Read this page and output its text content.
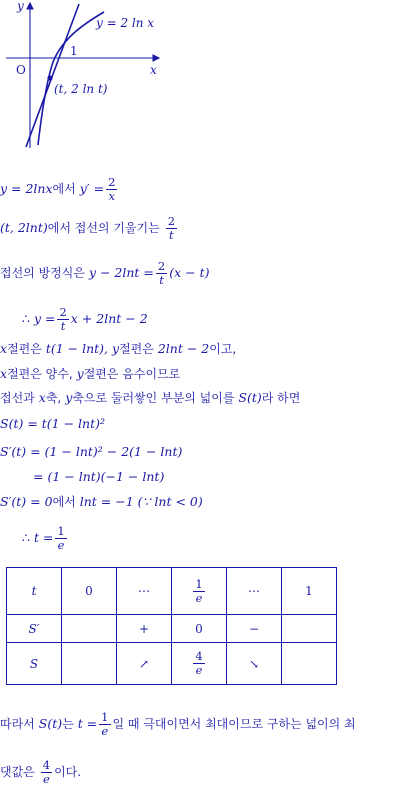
y
x
O
1
y = 2 ln x
(t, 2 ln t)
y = 2lnx에서 $y' = \frac{2}{x}$
(t, 2lnt)에서 접선의 기울기는 $\frac{2}{t}$
접선의 방정식은 $y - 2\ln t = \frac{2}{t} (x - t)$
∴ $y = \frac{2}{t}$ x + 2lnt − 2
x절편은 t(1 − lnt), y절편은 2lnt − 2이고,
x절편은 양수, y절편은 음수이므로
접선과 x축, y축으로 둘러쌓인 부분의 넓이를 S(t)라 하면
S(t) = t(1 − lnt)²
S′(t) = (1 − lnt)² − 2(1 − lnt)
= (1 − lnt)(−1 − lnt)
S′(t) = 0에서 lnt = −1 (∵ lnt < 0)
∴ $t = \frac{1}{e}$
t	0	⋯	$\frac{1}{e}$	⋯	1
S′		+	0	−	
S		↗	$\frac{4}{e}$	↘	
따라서 S(t)는 $t = \frac{1}{e}$ 일 때 극대이면서 최대이므로 구하는 넓이의 최
댓값은 $\frac{4}{e}$ 이다.
